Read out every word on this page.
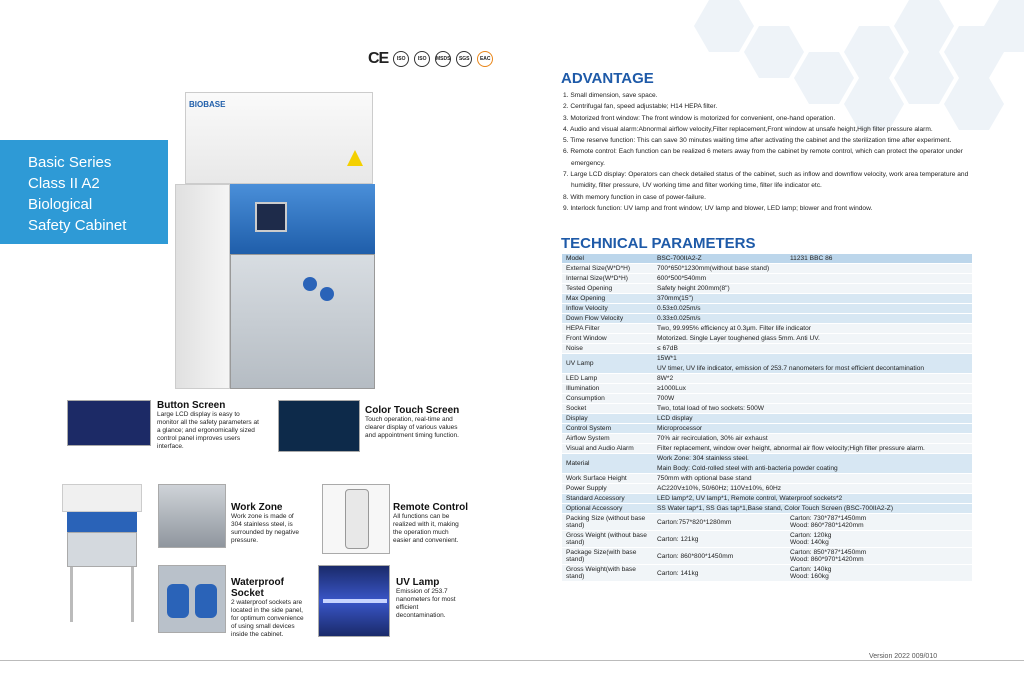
CE	ISO	ISO	MSDS	SGS	EAC
Basic Series
Class II A2
Biological
Safety Cabinet
BIOBASE
Button Screen
Large LCD display is easy to monitor all the safety parameters at a glance; and ergonomically sized control panel improves users interface.
Color Touch Screen
Touch operation, real-time and clearer display of various values and appointment timing function.
Work Zone
Work zone is made of 304 stainless steel, is surrounded by negative pressure.
Remote Control
All functions can be realized with it, making the operation much easier and convenient.
Waterproof Socket
2 waterproof sockets are located in the side panel, for optimum convenience of using small devices inside the cabinet.
UV Lamp
Emission of 253.7 nanometers for most efficient decontamination.
ADVANTAGE
1. Small dimension, save space.
2. Centrifugal fan, speed adjustable; H14 HEPA filter.
3. Motorized front window: The front window is motorized for convenient, one-hand operation.
4. Audio and visual alarm:Abnormal airflow velocity,Filter replacement,Front window at unsafe height,High filter pressure alarm.
5. Time reserve function: This can save 30 minutes waiting time after activating the cabinet and the sterilization time after experiment.
6. Remote control: Each function can be realized 6 meters away from the cabinet by remote control, which can protect the operator under emergency.
7. Large LCD display: Operators can check detailed status of the cabinet, such as inflow and downflow velocity, work area temperature and humidity, filter pressure, UV working time and filter working time, filter life indicator etc.
8. With memory function in case of power-failure.
9. Interlock function: UV lamp and front window; UV lamp and blower, LED lamp; blower and front window.
TECHNICAL PARAMETERS
Model	BSC-700IIA2-Z	11231 BBC 86
External Size(W*D*H)	700*650*1230mm(without base stand)	

Internal Size(W*D*H)	600*500*540mm	

Tested Opening	Safety height 200mm(8")	

Max Opening	370mm(15'')	

Inflow Velocity	0.53±0.025m/s	

Down Flow Velocity	0.33±0.025m/s	

HEPA Filter	Two, 99.995% efficiency at 0.3μm. Filter life indicator	

Front Window	Motorized. Single Layer toughened glass 5mm. Anti UV.	

Noise	≤ 67dB	

UV Lamp	15W*1
UV timer, UV life indicator, emission of 253.7 nanometers for most efficient decontamination	

LED Lamp	8W*2	

Illumination	≥1000Lux	

Consumption	700W	

Socket	Two, total load of two sockets: 500W	

Display	LCD display	

Control System	Microprocessor	

Airflow System	70% air recirculation, 30% air exhaust	

Visual and Audio Alarm	Filter replacement, window over height, abnormal air flow velocity;High filter pressure alarm.	

Material	Work Zone: 304 stainless steel.
Main Body: Cold-rolled steel with anti-bacteria powder coating	

Work Surface Height	750mm with optional base stand	

Power Supply	AC220V±10%, 50/60Hz; 110V±10%, 60Hz	

Standard Accessory	LED lamp*2, UV lamp*1, Remote control, Waterproof sockets*2	

Optional Accessory	SS Water tap*1, SS Gas tap*1,Base stand, Color Touch Screen (BSC-700IIA2-Z)	

Packing Size (without base stand)	Carton:757*820*1280mm	Carton: 730*787*1450mm
Wood: 860*780*1420mm

Gross Weight (without base stand)	Carton: 121kg	Carton: 120kg
Wood: 140kg

Package Size(with base stand)	Carton: 860*800*1450mm	Carton: 850*787*1450mm
Wood: 860*970*1420mm

Gross Weight(with base stand)	Carton: 141kg	Carton: 140kg
Wood: 160kg
Version 2022 009/010
